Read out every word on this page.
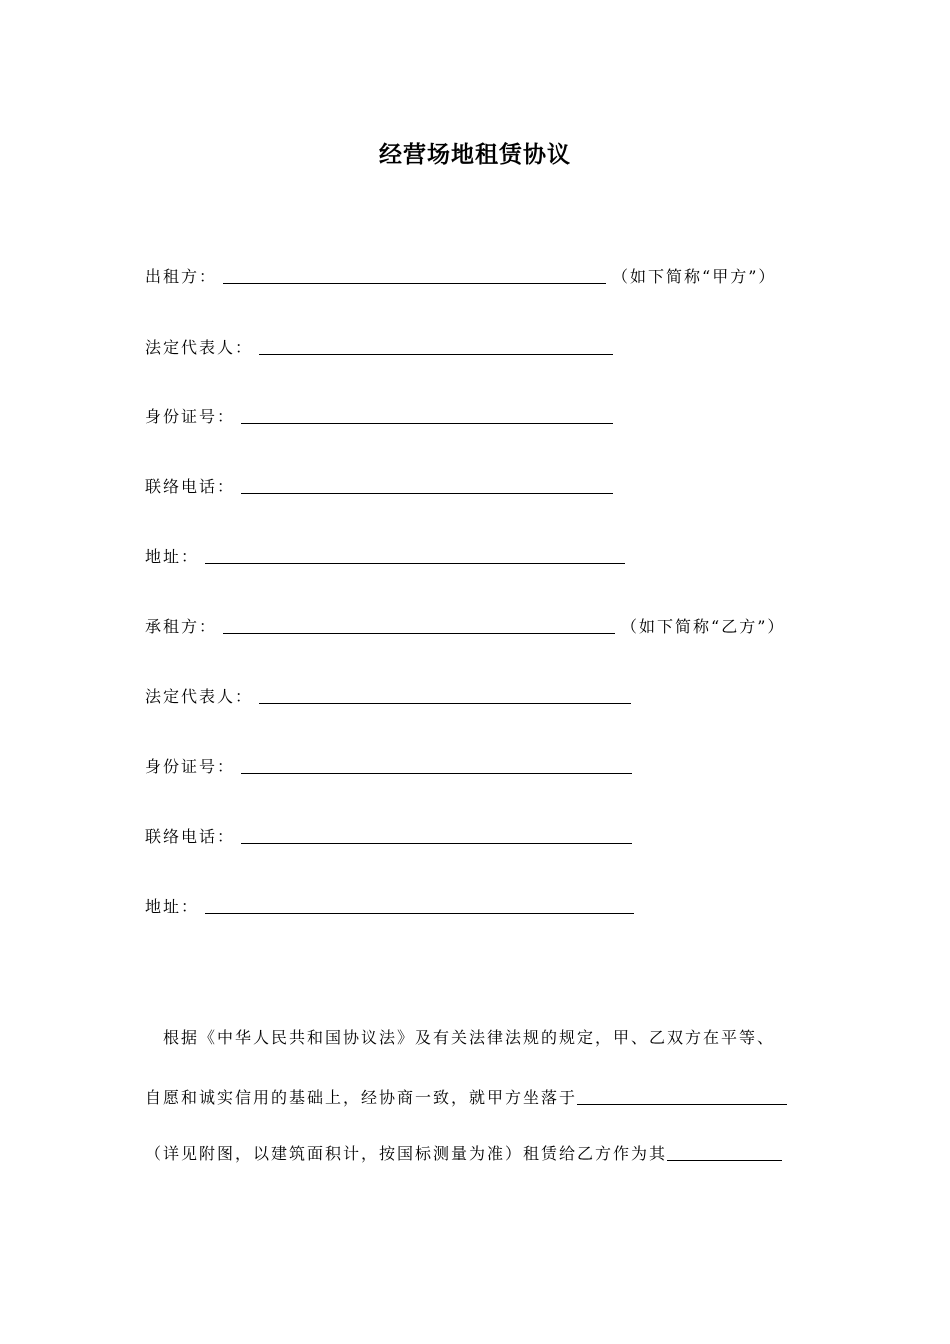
经营场地租赁协议
出租方：	（如下简称“甲方”）
法定代表人：
身份证号：
联络电话：
地址：
承租方：	（如下简称“乙方”）
法定代表人：
身份证号：
联络电话：
地址：
　根据《中华人民共和国协议法》及有关法律法规的规定，甲、乙双方在平等、
自愿和诚实信用的基础上，经协商一致，就甲方坐落于
（详见附图，以建筑面积计，按国标测量为准）租赁给乙方作为其
